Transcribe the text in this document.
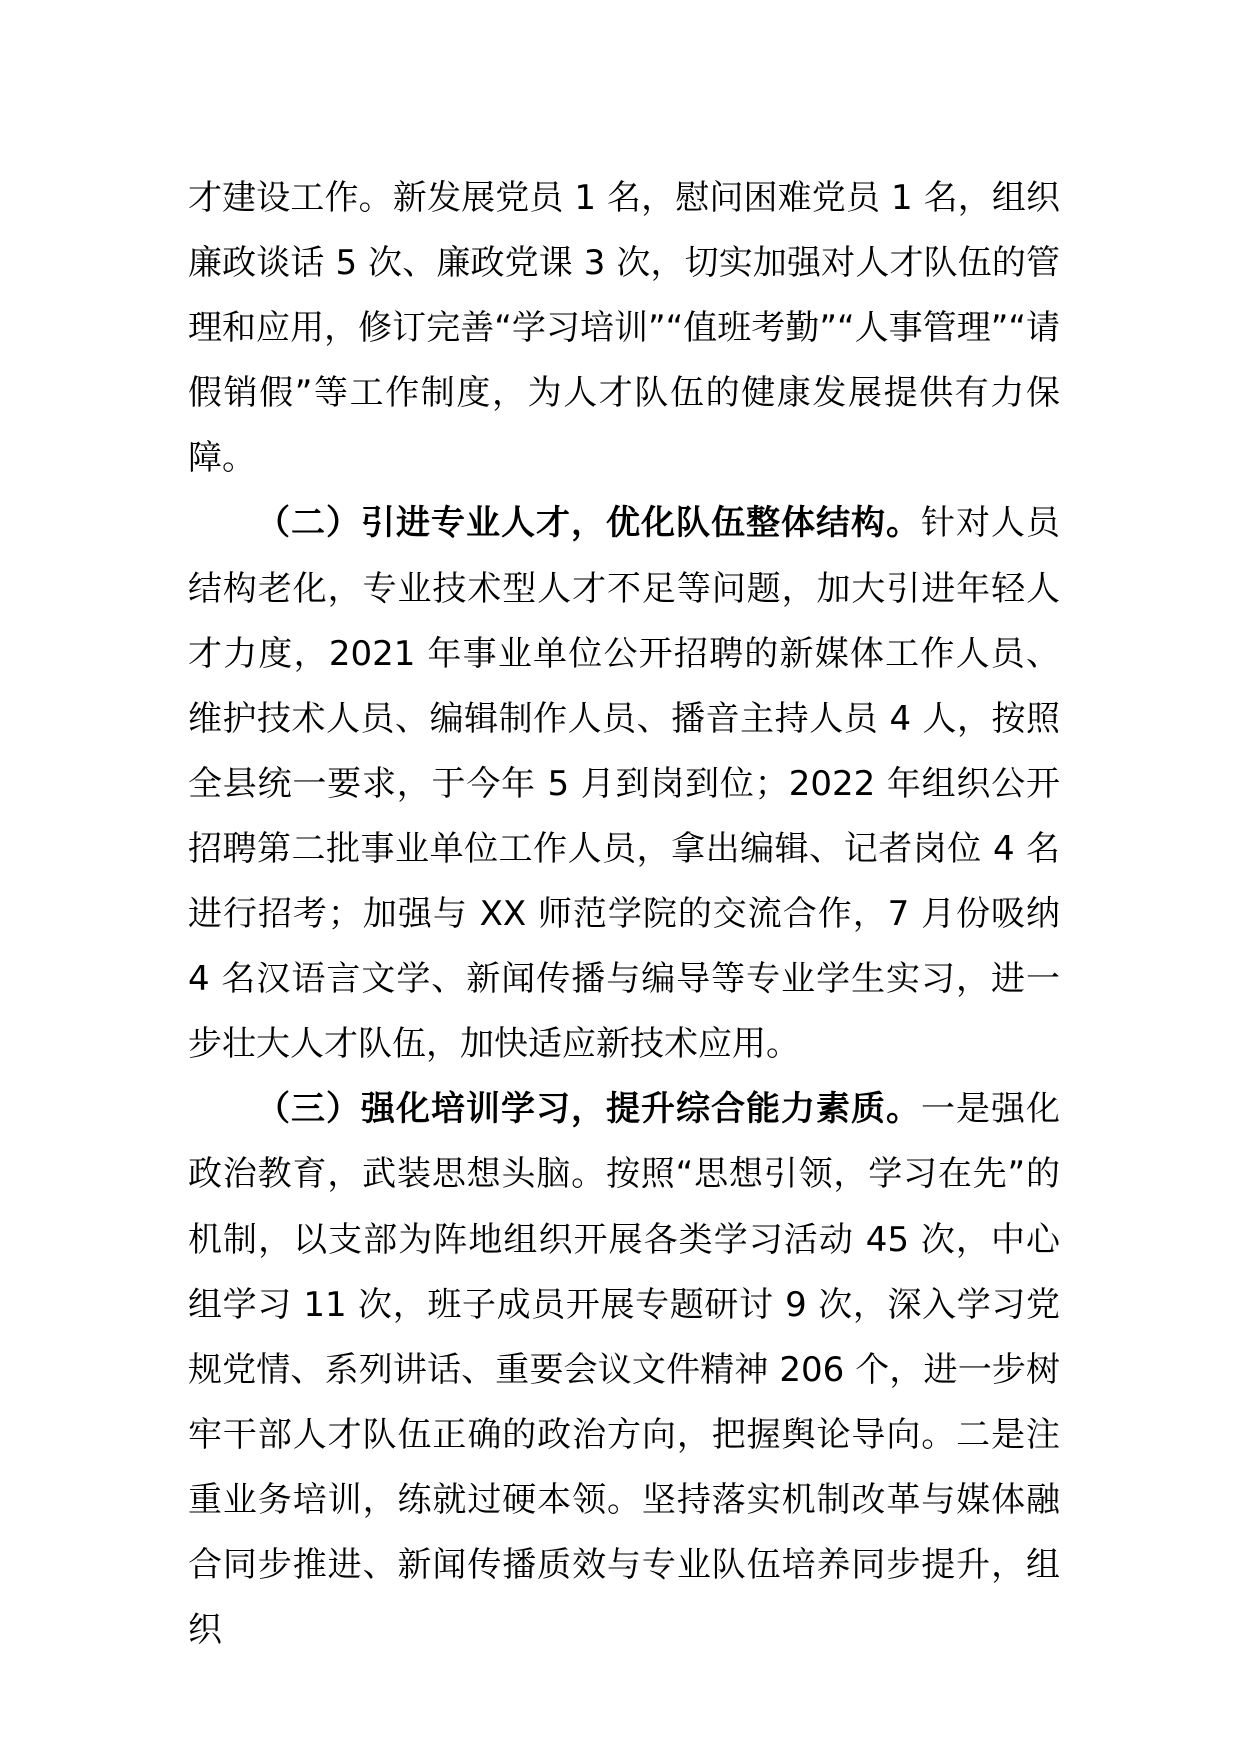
才建设工作。新发展党员 1 名，慰问困难党员 1 名，组织廉政谈话 5 次、廉政党课 3 次，切实加强对人才队伍的管理和应用，修订完善“学习培训”“值班考勤”“人事管理”“请假销假”等工作制度，为人才队伍的健康发展提供有力保障。

（二）引进专业人才，优化队伍整体结构。针对人员结构老化，专业技术型人才不足等问题，加大引进年轻人才力度，2021 年事业单位公开招聘的新媒体工作人员、维护技术人员、编辑制作人员、播音主持人员 4 人，按照全县统一要求，于今年 5 月到岗到位；2022 年组织公开招聘第二批事业单位工作人员，拿出编辑、记者岗位 4 名进行招考；加强与 XX 师范学院的交流合作，7 月份吸纳 4 名汉语言文学、新闻传播与编导等专业学生实习，进一步壮大人才队伍，加快适应新技术应用。

（三）强化培训学习，提升综合能力素质。一是强化政治教育，武装思想头脑。按照“思想引领，学习在先”的机制，以支部为阵地组织开展各类学习活动 45 次，中心组学习 11 次，班子成员开展专题研讨 9 次，深入学习党规党情、系列讲话、重要会议文件精神 206 个，进一步树牢干部人才队伍正确的政治方向，把握舆论导向。二是注重业务培训，练就过硬本领。坚持落实机制改革与媒体融合同步推进、新闻传播质效与专业队伍培养同步提升，组织
